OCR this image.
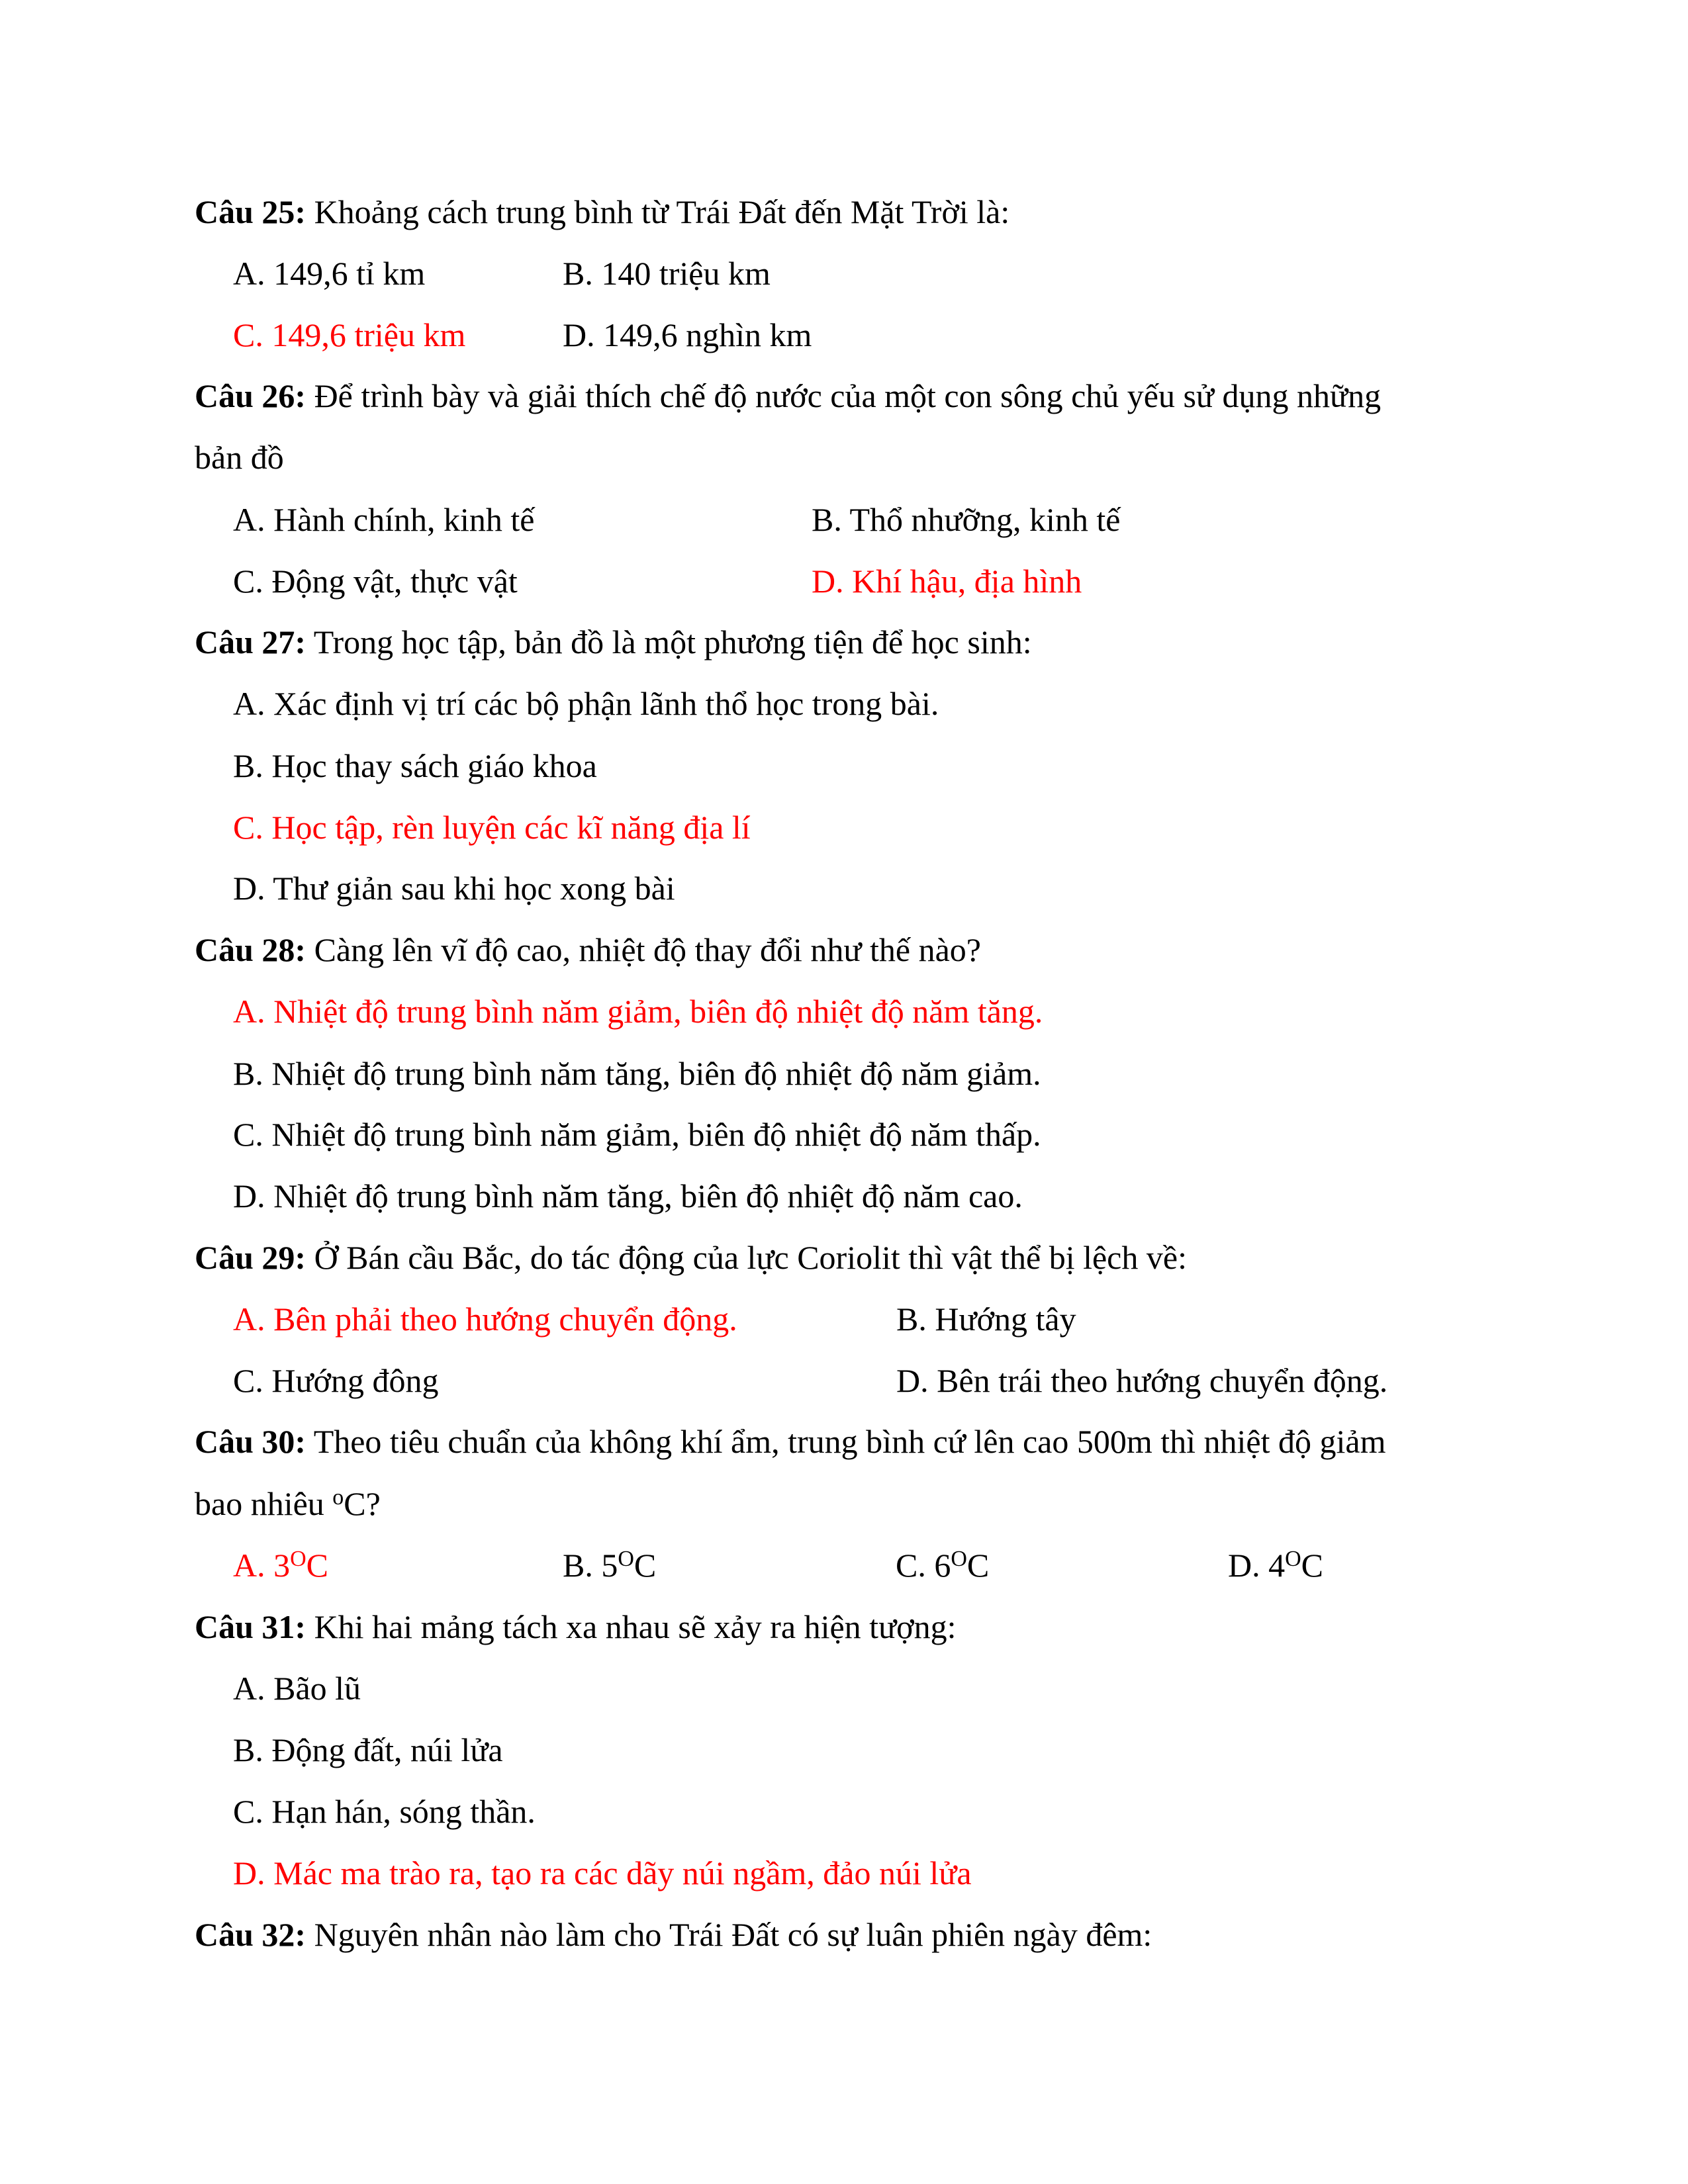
Câu 25: Khoảng cách trung bình từ Trái Đất đến Mặt Trời là:
A. 149,6 tỉ km	B. 140 triệu km
C. 149,6 triệu km	D. 149,6 nghìn km
Câu 26: Để trình bày và giải thích chế độ nước của một con sông chủ yếu sử dụng những
bản đồ
A. Hành chính, kinh tế	B. Thổ nhưỡng, kinh tế
C. Động vật, thực vật	D. Khí hậu, địa hình
Câu 27: Trong học tập, bản đồ là một phương tiện để học sinh:
A. Xác định vị trí các bộ phận lãnh thổ học trong bài.
B. Học thay sách giáo khoa
C. Học tập, rèn luyện các kĩ năng địa lí
D. Thư giản sau khi học xong bài
Câu 28: Càng lên vĩ độ cao, nhiệt độ thay đổi như thế nào?
A. Nhiệt độ trung bình năm giảm, biên độ nhiệt độ năm tăng.
B. Nhiệt độ trung bình năm tăng, biên độ nhiệt độ năm giảm.
C. Nhiệt độ trung bình năm giảm, biên độ nhiệt độ năm thấp.
D. Nhiệt độ trung bình năm tăng, biên độ nhiệt độ năm cao.
Câu 29: Ở Bán cầu Bắc, do tác động của lực Coriolit thì vật thể bị lệch về:
A. Bên phải theo hướng chuyển động.	B. Hướng tây
C. Hướng đông	D. Bên trái theo hướng chuyển động.
Câu 30: Theo tiêu chuẩn của không khí ẩm, trung bình cứ lên cao 500m thì nhiệt độ giảm
bao nhiêu $^o$C?
A. $3^OC$	B. $5^OC$	C. $6^OC$	D. $4^OC$
Câu 31: Khi hai mảng tách xa nhau sẽ xảy ra hiện tượng:
A. Bão lũ
B. Động đất, núi lửa
C. Hạn hán, sóng thần.
D. Mác ma trào ra, tạo ra các dãy núi ngầm, đảo núi lửa
Câu 32: Nguyên nhân nào làm cho Trái Đất có sự luân phiên ngày đêm:
